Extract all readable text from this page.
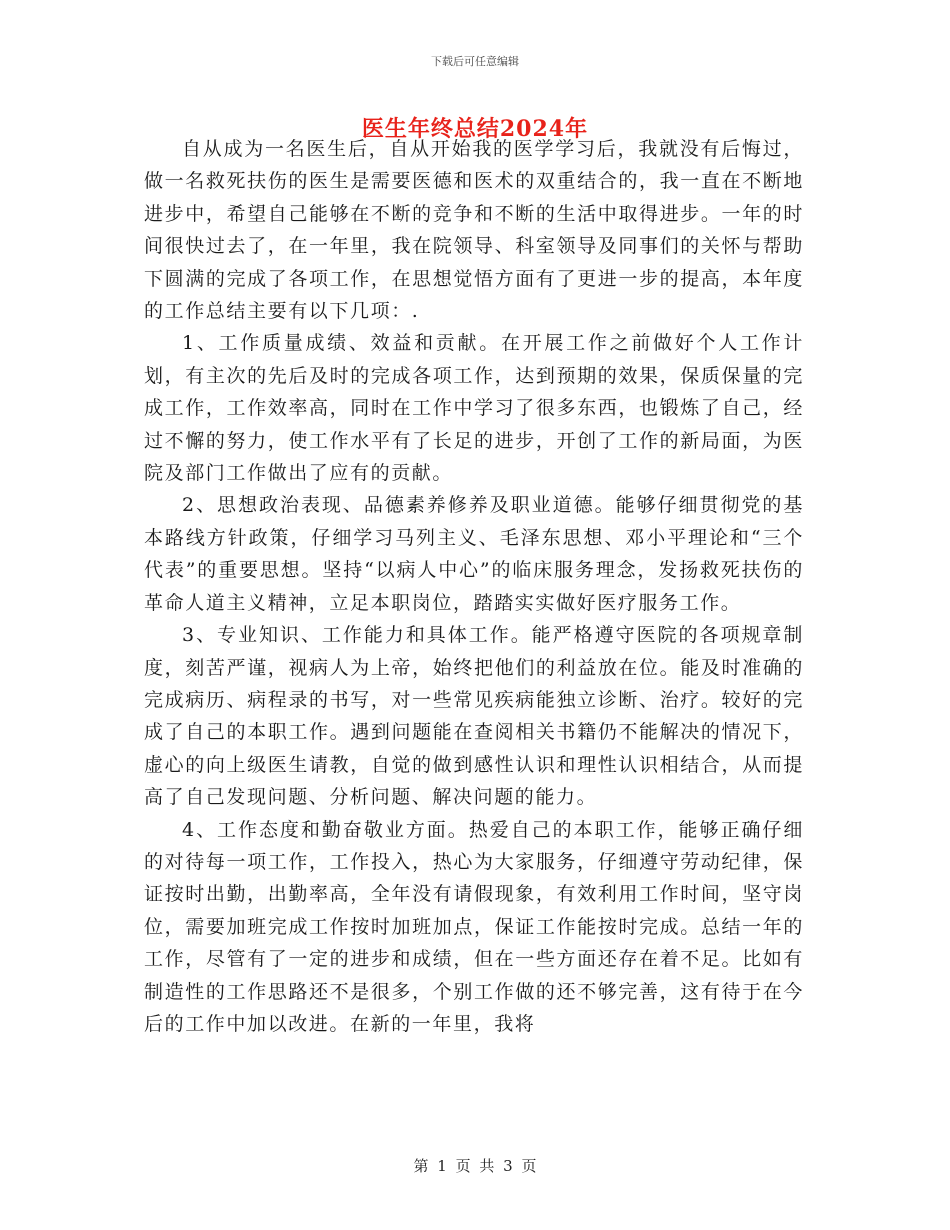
下载后可任意编辑
医生年终总结2024年

自从成为一名医生后，自从开始我的医学学习后，我就没有后悔过，做一名救死扶伤的医生是需要医德和医术的双重结合的，我一直在不断地进步中，希望自己能够在不断的竞争和不断的生活中取得进步。一年的时间很快过去了，在一年里，我在院领导、科室领导及同事们的关怀与帮助下圆满的完成了各项工作，在思想觉悟方面有了更进一步的提高，本年度的工作总结主要有以下几项：.

1、工作质量成绩、效益和贡献。在开展工作之前做好个人工作计划，有主次的先后及时的完成各项工作，达到预期的效果，保质保量的完成工作，工作效率高，同时在工作中学习了很多东西，也锻炼了自己，经过不懈的努力，使工作水平有了长足的进步，开创了工作的新局面，为医院及部门工作做出了应有的贡献。

2、思想政治表现、品德素养修养及职业道德。能够仔细贯彻党的基本路线方针政策，仔细学习马列主义、毛泽东思想、邓小平理论和“三个代表”的重要思想。坚持“以病人中心”的临床服务理念，发扬救死扶伤的革命人道主义精神，立足本职岗位，踏踏实实做好医疗服务工作。

3、专业知识、工作能力和具体工作。能严格遵守医院的各项规章制度，刻苦严谨，视病人为上帝，始终把他们的利益放在位。能及时准确的完成病历、病程录的书写，对一些常见疾病能独立诊断、治疗。较好的完成了自己的本职工作。遇到问题能在查阅相关书籍仍不能解决的情况下，虚心的向上级医生请教，自觉的做到感性认识和理性认识相结合，从而提高了自己发现问题、分析问题、解决问题的能力。

4、工作态度和勤奋敬业方面。热爱自己的本职工作，能够正确仔细的对待每一项工作，工作投入，热心为大家服务，仔细遵守劳动纪律，保证按时出勤，出勤率高，全年没有请假现象，有效利用工作时间，坚守岗位，需要加班完成工作按时加班加点，保证工作能按时完成。总结一年的工作，尽管有了一定的进步和成绩，但在一些方面还存在着不足。比如有制造性的工作思路还不是很多，个别工作做的还不够完善，这有待于在今后的工作中加以改进。在新的一年里，我将

第 1 页 共 3 页
